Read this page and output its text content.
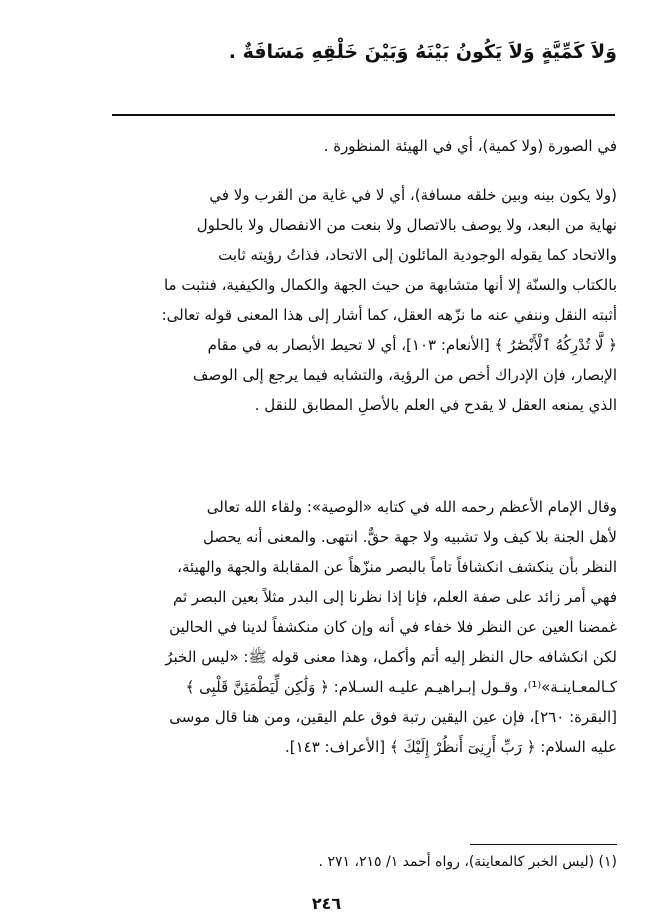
وَلاَ كَمِّيَّةٍ وَلاَ يَكُونُ بَيْنَهُ وَبَيْنَ خَلْقِهِ مَسَافَةٌ .
في الصورة (ولا كمية)، أي في الهيئة المنظورة .
(ولا يكون بينه وبين خلقه مسافة)، أي لا في غاية من القرب ولا في
نهاية من البعد، ولا يوصف بالاتصال ولا بنعت من الانفصال ولا بالحلول
والاتحاد كما يقوله الوجودية المائلون إلى الاتحاد، فذاتُ رؤيته ثابت
بالكتاب والسنّة إلا أنها متشابهة من حيث الجهة والكمال والكيفية، فنثبت ما
أثبته النقل وننفي عنه ما نزّهه العقل، كما أشار إلى هذا المعنى قوله تعالى:
﴿ لَّا تُدْرِكُهُ ٱلْأَبْصَٰرُ ﴾ [الأنعام: ١٠٣]، أي لا تحيط الأبصار به في مقام
الإبصار، فإن الإدراك أخص من الرؤية، والتشابه فيما يرجع إلى الوصف
الذي يمنعه العقل لا يقدح في العلم بالأصلِ المطابق للنقل .
وقال الإمام الأعظم رحمه الله في كتابه «الوصية»: ولقاء الله تعالى
لأهل الجنة بلا كيف ولا تشبيه ولا جهة حقٌّ. انتهى. والمعنى أنه يحصل
النظر بأن ينكشف انكشافاً تاماً بالبصر منزّهاً عن المقابلة والجهة والهيئة،
فهي أمر زائد على صفة العلم، فإنا إذا نظرنا إلى البدر مثلاً بعين البصر ثم
غمضنا العين عن النظر فلا خفاء في أنه وإن كان منكشفاً لدينا في الحالين
لكن انكشافه حال النظر إليه أتم وأكمل، وهذا معنى قوله ﷺ: «ليس الخبرُ
كـالمعـاينـة»⁽¹⁾، وقـول إبـراهيـم عليـه السـلام: ﴿ وَلَٰكِن لِّيَطْمَئِنَّ قَلْبِى ﴾
[البقرة: ٢٦٠]، فإن عين اليقين رتبة فوق علم اليقين، ومن هنا قال موسى
عليه السلام: ﴿ رَبِّ أَرِنِىٓ أَنظُرْ إِلَيْكَ ﴾ [الأعراف: ١٤٣].
(١) (ليس الخبر كالمعاينة)، رواه أحمد ١/ ٢١٥، ٢٧١ .
٢٤٦
